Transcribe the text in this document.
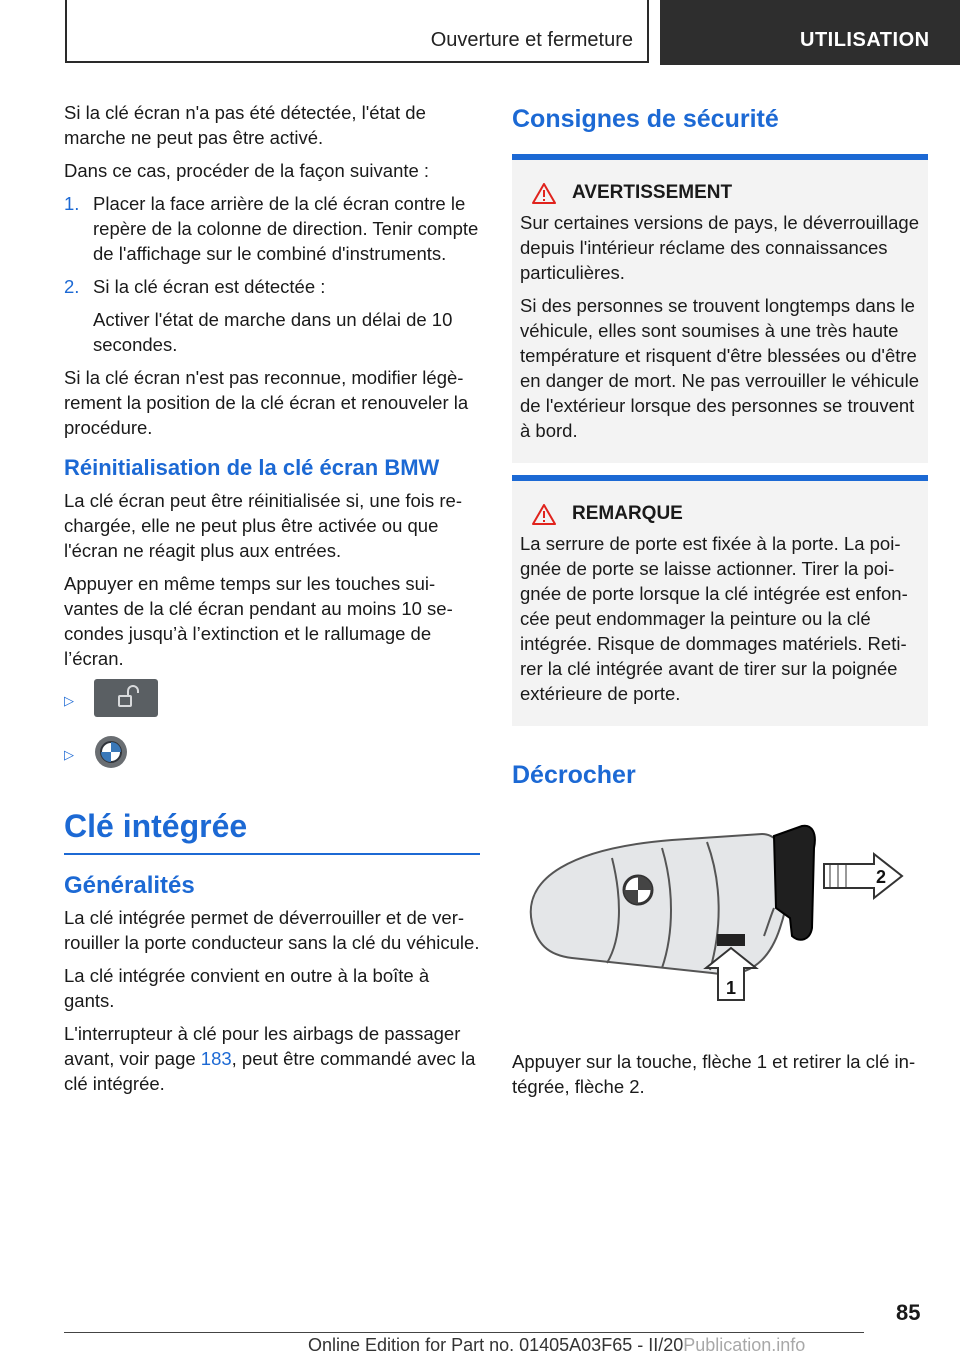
Ouverture et fermeture	UTILISATION

Si la clé écran n'a pas été détectée, l'état de marche ne peut pas être activé.

Dans ce cas, procéder de la façon suivante :

1. Placer la face arrière de la clé écran contre le repère de la colonne de direction. Tenir compte de l'affichage sur le combiné d'instruments.
2. Si la clé écran est détectée :

Activer l'état de marche dans un délai de 10 secondes.

Si la clé écran n'est pas reconnue, modifier légèrement la position de la clé écran et renouveler la procédure.

Réinitialisation de la clé écran BMW

La clé écran peut être réinitialisée si, une fois rechargée, elle ne peut plus être activée ou que l'écran ne réagit plus aux entrées.

Appuyer en même temps sur les touches suivantes de la clé écran pendant au moins 10 secondes jusqu’à l’extinction et le rallumage de l’écran.

▷
▷
Clé intégrée
Généralités

La clé intégrée permet de déverrouiller et de verrouiller la porte conducteur sans la clé du véhicule.

La clé intégrée convient en outre à la boîte à gants.

L'interrupteur à clé pour les airbags de passager avant, voir page 183, peut être commandé avec la clé intégrée.

Consignes de sécurité
AVERTISSEMENT

Sur certaines versions de pays, le déverrouillage depuis l'intérieur réclame des connaissances particulières.

Si des personnes se trouvent longtemps dans le véhicule, elles sont soumises à une très haute température et risquent d'être blessées ou d'être en danger de mort. Ne pas verrouiller le véhicule de l'extérieur lorsque des personnes se trouvent à bord.

REMARQUE

La serrure de porte est fixée à la porte. La poignée de porte se laisse actionner. Tirer la poignée de porte lorsque la clé intégrée est enfoncée peut endommager la peinture ou la clé intégrée. Risque de dommages matériels. Retirer la clé intégrée avant de tirer sur la poignée extérieure de porte.

Décrocher
2
1

Appuyer sur la touche, flèche 1 et retirer la clé intégrée, flèche 2.

85
Online Edition for Part no. 01405A03F65 - II/20Publication.info
